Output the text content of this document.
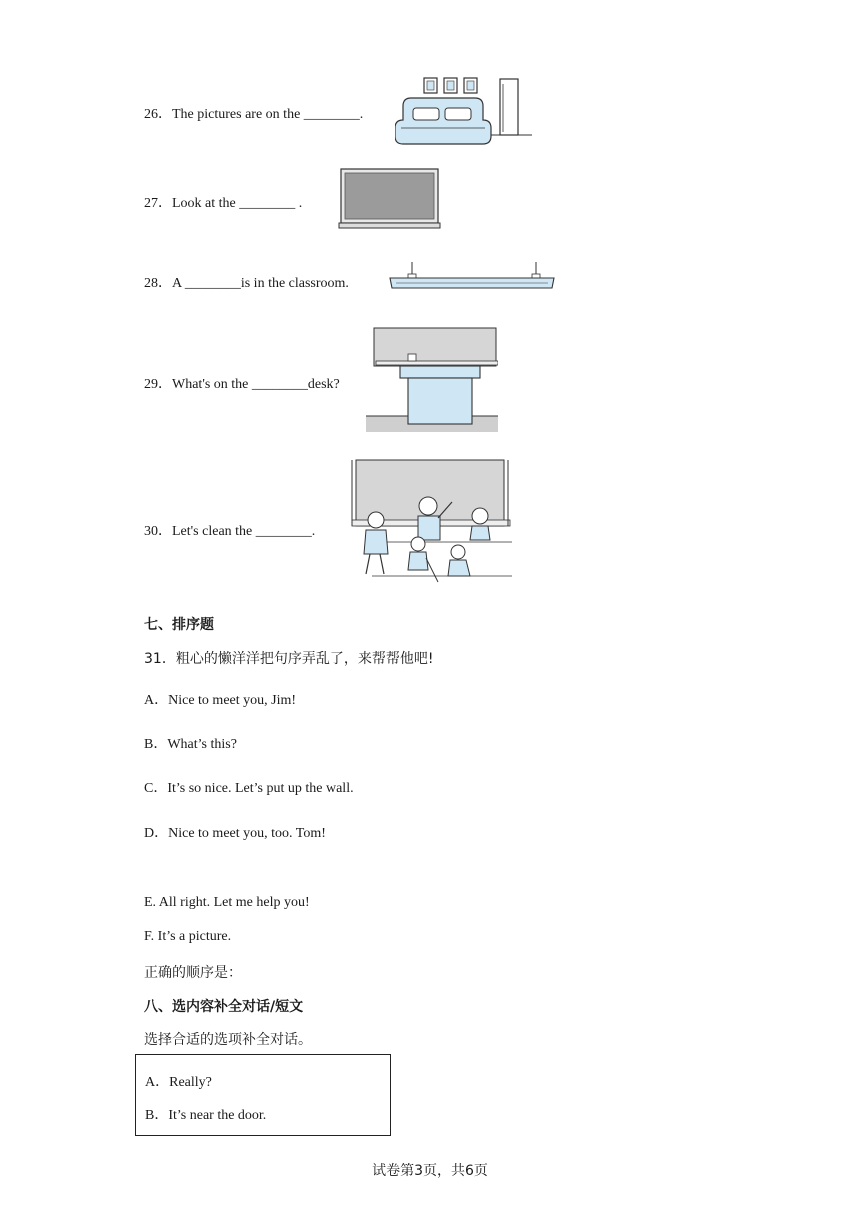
26．The pictures are on the ________.
27．Look at the ________ .
28．A ________is in the classroom.
29．What's on the ________desk?
30．Let's clean the ________.
七、排序题
31．粗心的懒洋洋把句序弄乱了，来帮帮他吧!
A．Nice to meet you, Jim!
B．What’s this?
C．It’s so nice. Let’s put up the wall.
D．Nice to meet you, too. Tom!
E. All right. Let me help you!
F. It’s a picture.
正确的顺序是：
八、选内容补全对话/短文
选择合适的选项补全对话。
A．Really?
B．It’s near the door.
试卷第3页，共6页
